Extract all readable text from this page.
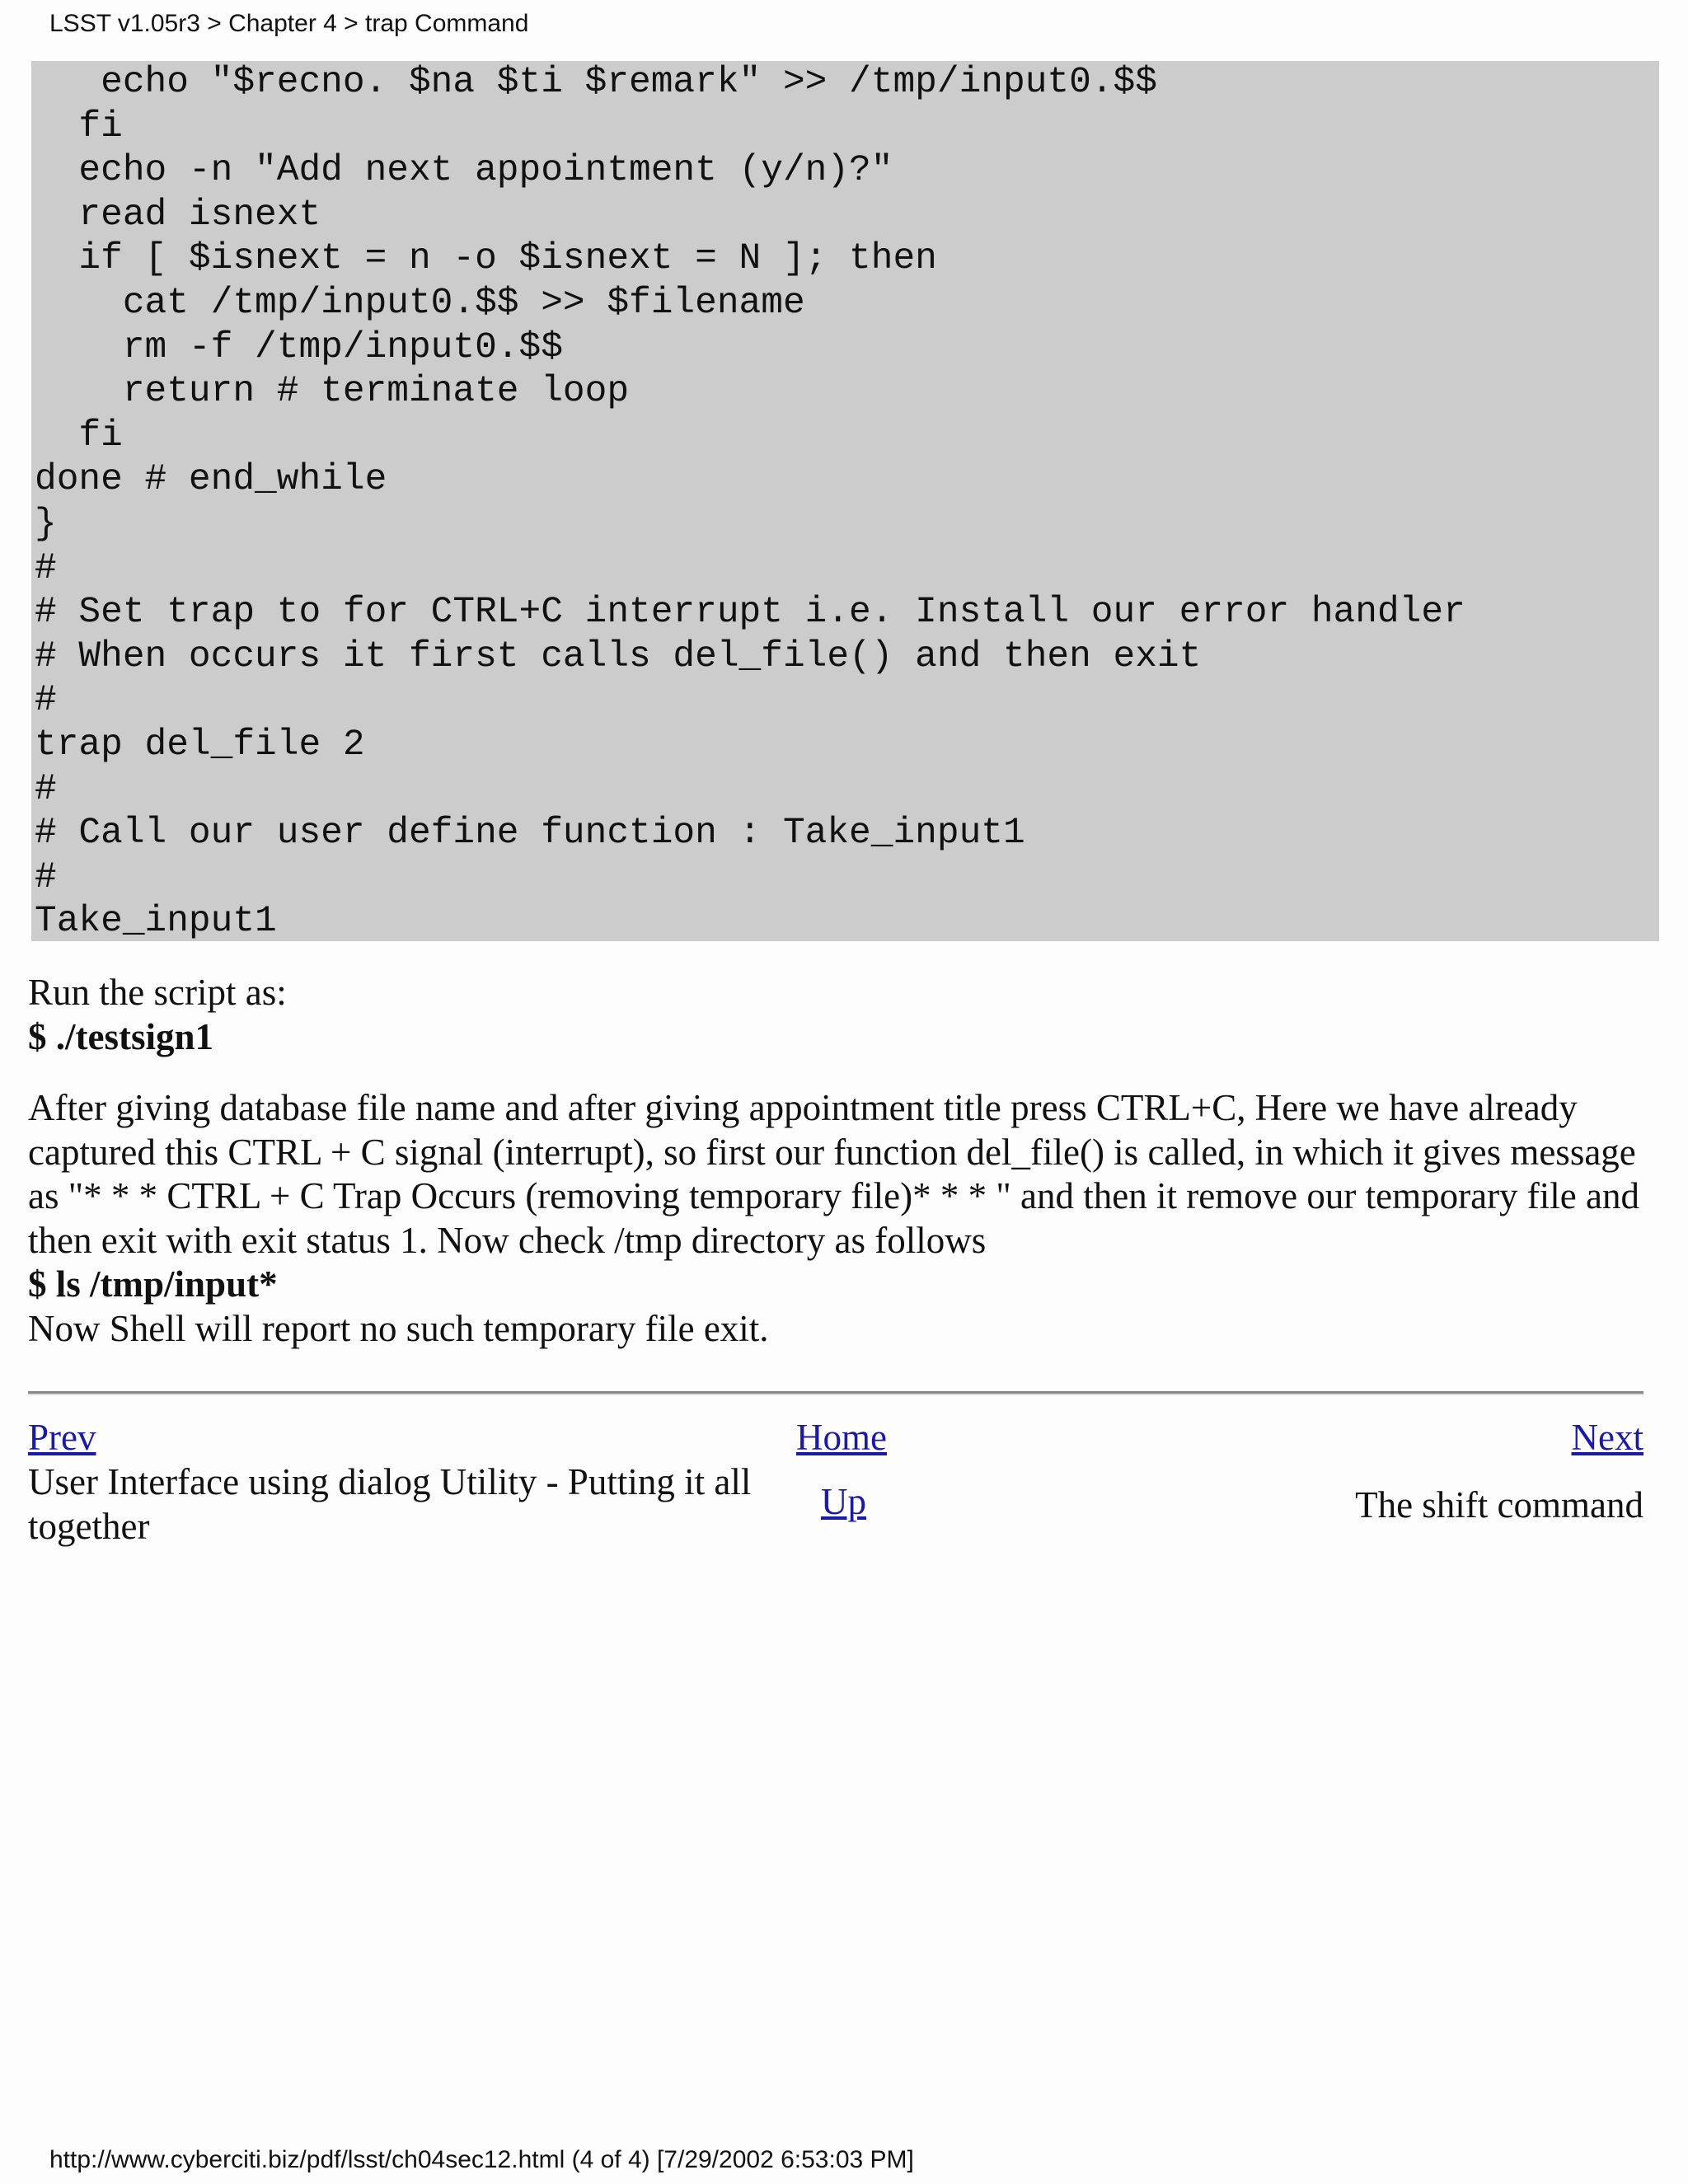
LSST v1.05r3 > Chapter 4 > trap Command
echo "$recno. $na $ti $remark" >> /tmp/input0.$$
fi
echo -n "Add next appointment (y/n)?"
read isnext
if [ $isnext = n -o $isnext = N ]; then
cat /tmp/input0.$$ >> $filename
rm -f /tmp/input0.$$
return # terminate loop
fi
done # end_while
}
#
# Set trap to for CTRL+C interrupt i.e. Install our error handler
# When occurs it first calls del_file() and then exit
#
trap del_file 2
#
# Call our user define function : Take_input1
#
Take_input1
Run the script as:
$ ./testsign1
After giving database file name and after giving appointment title press CTRL+C, Here we have already captured this CTRL + C signal (interrupt), so first our function del_file() is called, in which it gives message as "* * * CTRL + C Trap Occurs (removing temporary file)* * * " and then it remove our temporary file and then exit with exit status 1. Now check /tmp directory as follows
$ ls /tmp/input*
Now Shell will report no such temporary file exit.
Prev	Home	Next
Up
User Interface using dialog Utility - Putting it all together
The shift command
http://www.cyberciti.biz/pdf/lsst/ch04sec12.html (4 of 4) [7/29/2002 6:53:03 PM]
